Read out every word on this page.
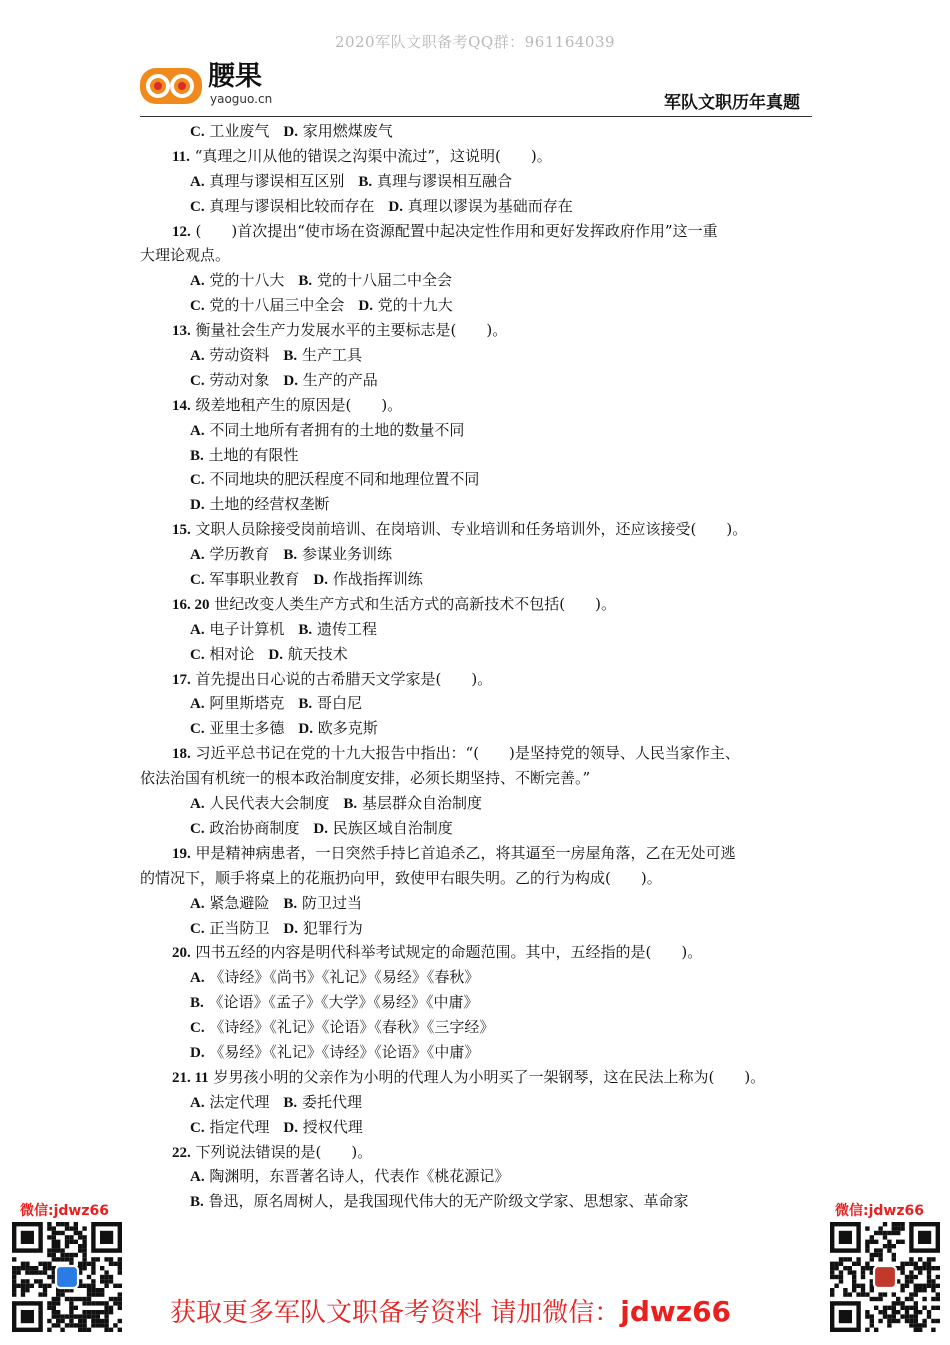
2020军队文职备考QQ群：961164039
腰果
yaoguo.cn	军队文职历年真题
C. 工业废气 D. 家用燃煤废气
11. “真理之川从他的错误之沟渠中流过”，这说明(　　)。
A. 真理与谬误相互区别 B. 真理与谬误相互融合
C. 真理与谬误相比较而存在 D. 真理以谬误为基础而存在
12. (　　)首次提出“使市场在资源配置中起决定性作用和更好发挥政府作用”这一重
大理论观点。
A. 党的十八大 B. 党的十八届二中全会
C. 党的十八届三中全会 D. 党的十九大
13. 衡量社会生产力发展水平的主要标志是(　　)。
A. 劳动资料 B. 生产工具
C. 劳动对象 D. 生产的产品
14. 级差地租产生的原因是(　　)。
A. 不同土地所有者拥有的土地的数量不同
B. 土地的有限性
C. 不同地块的肥沃程度不同和地理位置不同
D. 土地的经营权垄断
15. 文职人员除接受岗前培训、在岗培训、专业培训和任务培训外，还应该接受(　　)。
A. 学历教育 B. 参谋业务训练
C. 军事职业教育 D. 作战指挥训练
16. 20 世纪改变人类生产方式和生活方式的高新技术不包括(　　)。
A. 电子计算机 B. 遗传工程
C. 相对论 D. 航天技术
17. 首先提出日心说的古希腊天文学家是(　　)。
A. 阿里斯塔克 B. 哥白尼
C. 亚里士多德 D. 欧多克斯
18. 习近平总书记在党的十九大报告中指出：“(　　)是坚持党的领导、人民当家作主、
依法治国有机统一的根本政治制度安排，必须长期坚持、不断完善。”
A. 人民代表大会制度 B. 基层群众自治制度
C. 政治协商制度 D. 民族区域自治制度
19. 甲是精神病患者，一日突然手持匕首追杀乙，将其逼至一房屋角落，乙在无处可逃
的情况下，顺手将桌上的花瓶扔向甲，致使甲右眼失明。乙的行为构成(　　)。
A. 紧急避险 B. 防卫过当
C. 正当防卫 D. 犯罪行为
20. 四书五经的内容是明代科举考试规定的命题范围。其中，五经指的是(　　)。
A. 《诗经》《尚书》《礼记》《易经》《春秋》
B. 《论语》《孟子》《大学》《易经》《中庸》
C. 《诗经》《礼记》《论语》《春秋》《三字经》
D. 《易经》《礼记》《诗经》《论语》《中庸》
21. 11 岁男孩小明的父亲作为小明的代理人为小明买了一架钢琴，这在民法上称为(　　)。
A. 法定代理 B. 委托代理
C. 指定代理 D. 授权代理
22. 下列说法错误的是(　　)。
A. 陶渊明，东晋著名诗人，代表作《桃花源记》
B. 鲁迅，原名周树人，是我国现代伟大的无产阶级文学家、思想家、革命家
微信:jdwz66	微信:jdwz66
获取更多军队文职备考资料 请加微信：jdwz66
